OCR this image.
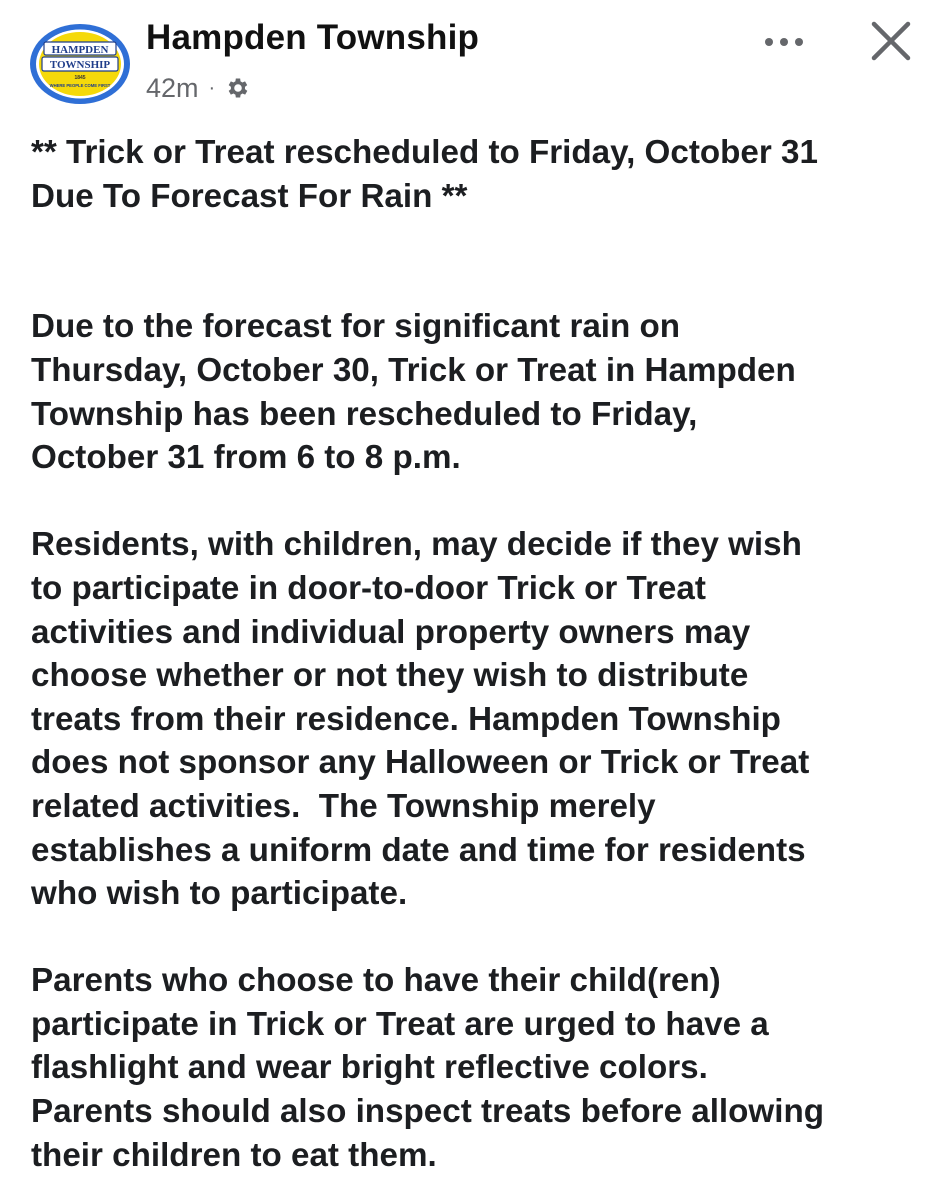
HAMPDEN
TOWNSHIP
1845
WHERE PEOPLE COME FIRST
Hampden Township
42m ·
** Trick or Treat rescheduled to Friday, October 31
Due To Forecast For Rain **
Due to the forecast for significant rain on
Thursday, October 30, Trick or Treat in Hampden
Township has been rescheduled to Friday,
October 31 from 6 to 8 p.m.
Residents, with children, may decide if they wish
to participate in door-to-door Trick or Treat
activities and individual property owners may
choose whether or not they wish to distribute
treats from their residence. Hampden Township
does not sponsor any Halloween or Trick or Treat
related activities.  The Township merely
establishes a uniform date and time for residents
who wish to participate.
Parents who choose to have their child(ren)
participate in Trick or Treat are urged to have a
flashlight and wear bright reflective colors.
Parents should also inspect treats before allowing
their children to eat them.
